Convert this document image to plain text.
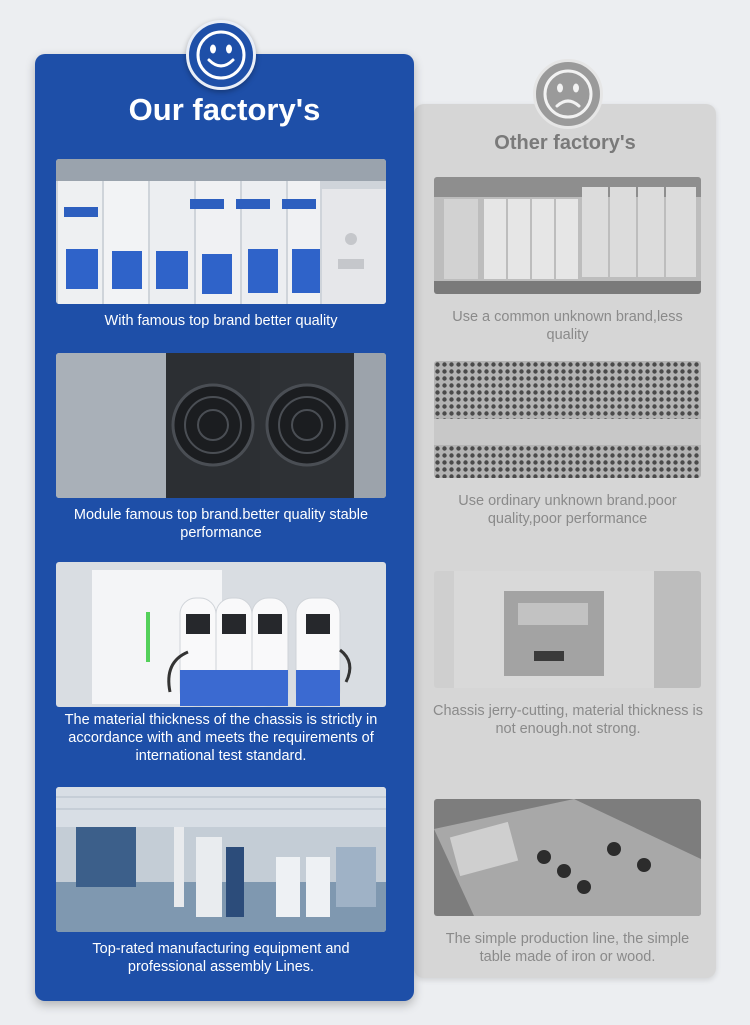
Our factory's
Other factory's
With famous top brand better quality
Module famous top brand.better quality stable performance
The material thickness of the chassis is strictly in accordance with and meets the requirements of international test standard.
Top-rated manufacturing equipment and professional assembly Lines.
Use a common unknown brand,less quality
Use ordinary unknown brand.poor quality,poor performance
Chassis jerry-cutting, material thickness is not enough.not strong.
The simple production line, the simple table made of iron or wood.
